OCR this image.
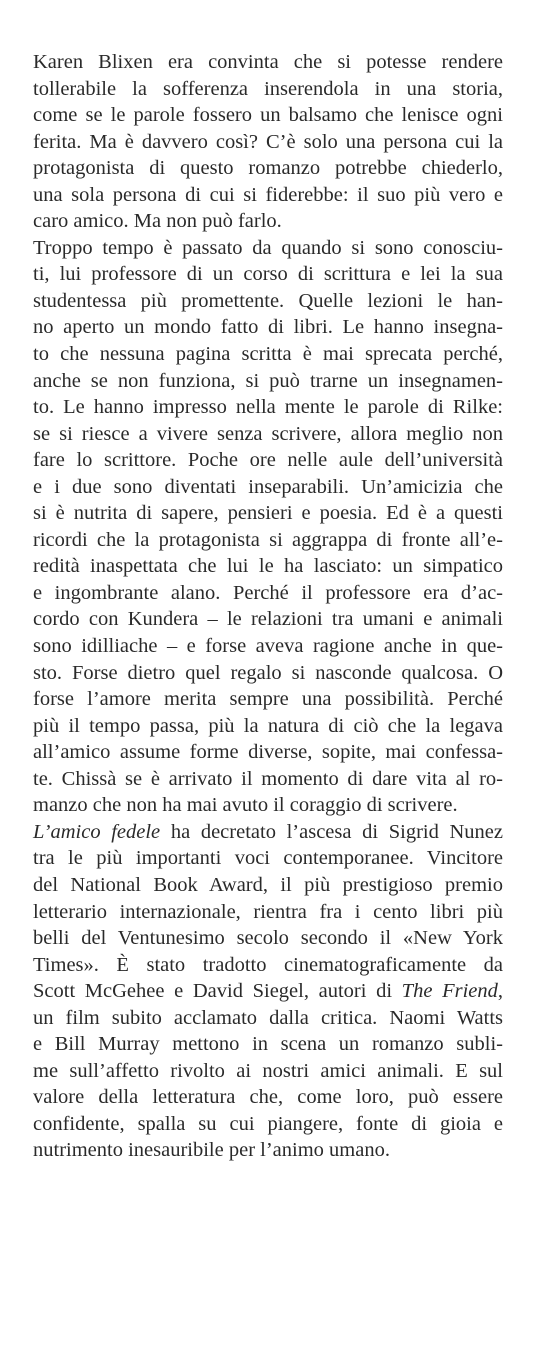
Karen Blixen era convinta che si potesse rendere
tollerabile la sofferenza inserendola in una storia,
come se le parole fossero un balsamo che lenisce ogni
ferita. Ma è davvero così? C’è solo una persona cui la
protagonista di questo romanzo potrebbe chiederlo,
una sola persona di cui si fiderebbe: il suo più vero e
caro amico. Ma non può farlo.
Troppo tempo è passato da quando si sono conosciu-
ti, lui professore di un corso di scrittura e lei la sua
studentessa più promettente. Quelle lezioni le han-
no aperto un mondo fatto di libri. Le hanno insegna-
to che nessuna pagina scritta è mai sprecata perché,
anche se non funziona, si può trarne un insegnamen-
to. Le hanno impresso nella mente le parole di Rilke:
se si riesce a vivere senza scrivere, allora meglio non
fare lo scrittore. Poche ore nelle aule dell’università
e i due sono diventati inseparabili. Un’amicizia che
si è nutrita di sapere, pensieri e poesia. Ed è a questi
ricordi che la protagonista si aggrappa di fronte all’e-
redità inaspettata che lui le ha lasciato: un simpatico
e ingombrante alano. Perché il professore era d’ac-
cordo con Kundera – le relazioni tra umani e animali
sono idilliache – e forse aveva ragione anche in que-
sto. Forse dietro quel regalo si nasconde qualcosa. O
forse l’amore merita sempre una possibilità. Perché
più il tempo passa, più la natura di ciò che la legava
all’amico assume forme diverse, sopite, mai confessa-
te. Chissà se è arrivato il momento di dare vita al ro-
manzo che non ha mai avuto il coraggio di scrivere.
L’amico fedele ha decretato l’ascesa di Sigrid Nunez
tra le più importanti voci contemporanee. Vincitore
del National Book Award, il più prestigioso premio
letterario internazionale, rientra fra i cento libri più
belli del Ventunesimo secolo secondo il «New York
Times». È stato tradotto cinematograficamente da
Scott McGehee e David Siegel, autori di The Friend,
un film subito acclamato dalla critica. Naomi Watts
e Bill Murray mettono in scena un romanzo subli-
me sull’affetto rivolto ai nostri amici animali. E sul
valore della letteratura che, come loro, può essere
confidente, spalla su cui piangere, fonte di gioia e
nutrimento inesauribile per l’animo umano.
